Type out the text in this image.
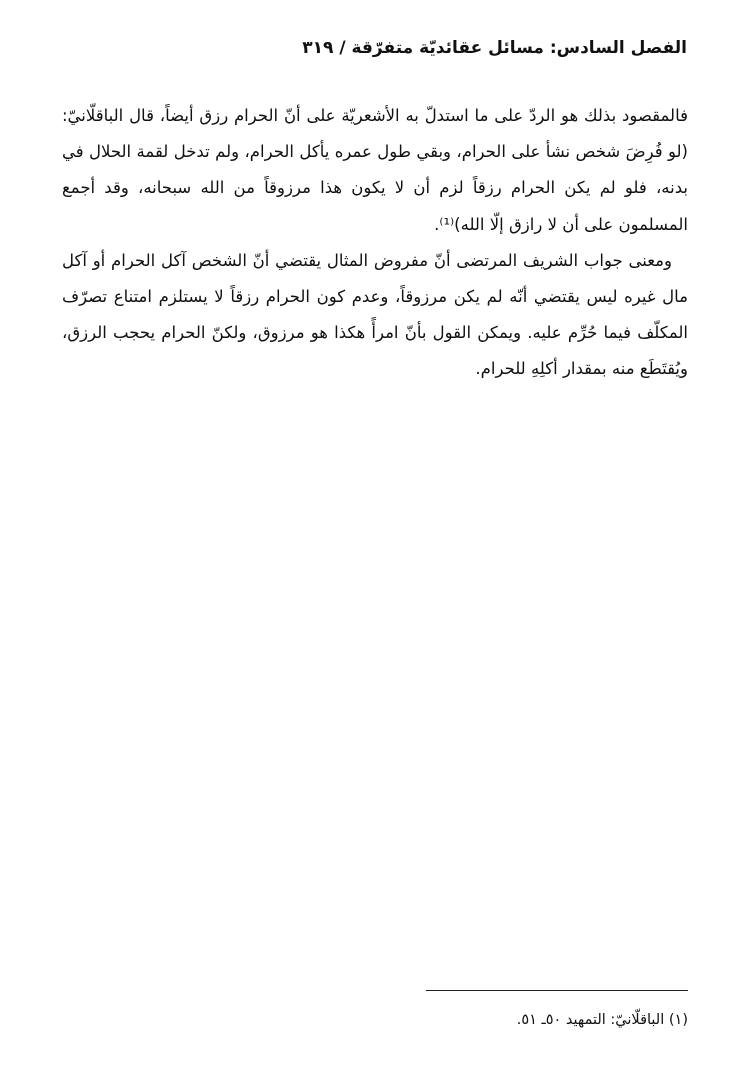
الفصل السادس: مسائل عقائديّة متفرّقة / ٣١٩

فالمقصود بذلك هو الردّ على ما استدلّ به الأشعريّة على أنّ الحرام رزق أيضاً، قال الباقلّانيّ: (لو فُرِضَ شخص نشأ على الحرام، وبقي طول عمره يأكل الحرام، ولم تدخل لقمة الحلال في بدنه، فلو لم يكن الحرام رزقاً لزم أن لا يكون هذا مرزوقاً من الله سبحانه، وقد أجمع المسلمون على أن لا رازق إلّا الله)⁽¹⁾.

ومعنى جواب الشريف المرتضى أنّ مفروض المثال يقتضي أنّ الشخص آكل الحرام أو آكل مال غيره ليس يقتضي أنّه لم يكن مرزوقاً، وعدم كون الحرام رزقاً لا يستلزم امتناع تصرّف المكلّف فيما حُرِّم عليه. ويمكن القول بأنّ امرأً هكذا هو مرزوق، ولكنّ الحرام يحجب الرزق، ويُقتَطَع منه بمقدار أكلِهِ للحرام.

(١) الباقلّانيّ: التمهيد ٥٠ـ ٥١.
